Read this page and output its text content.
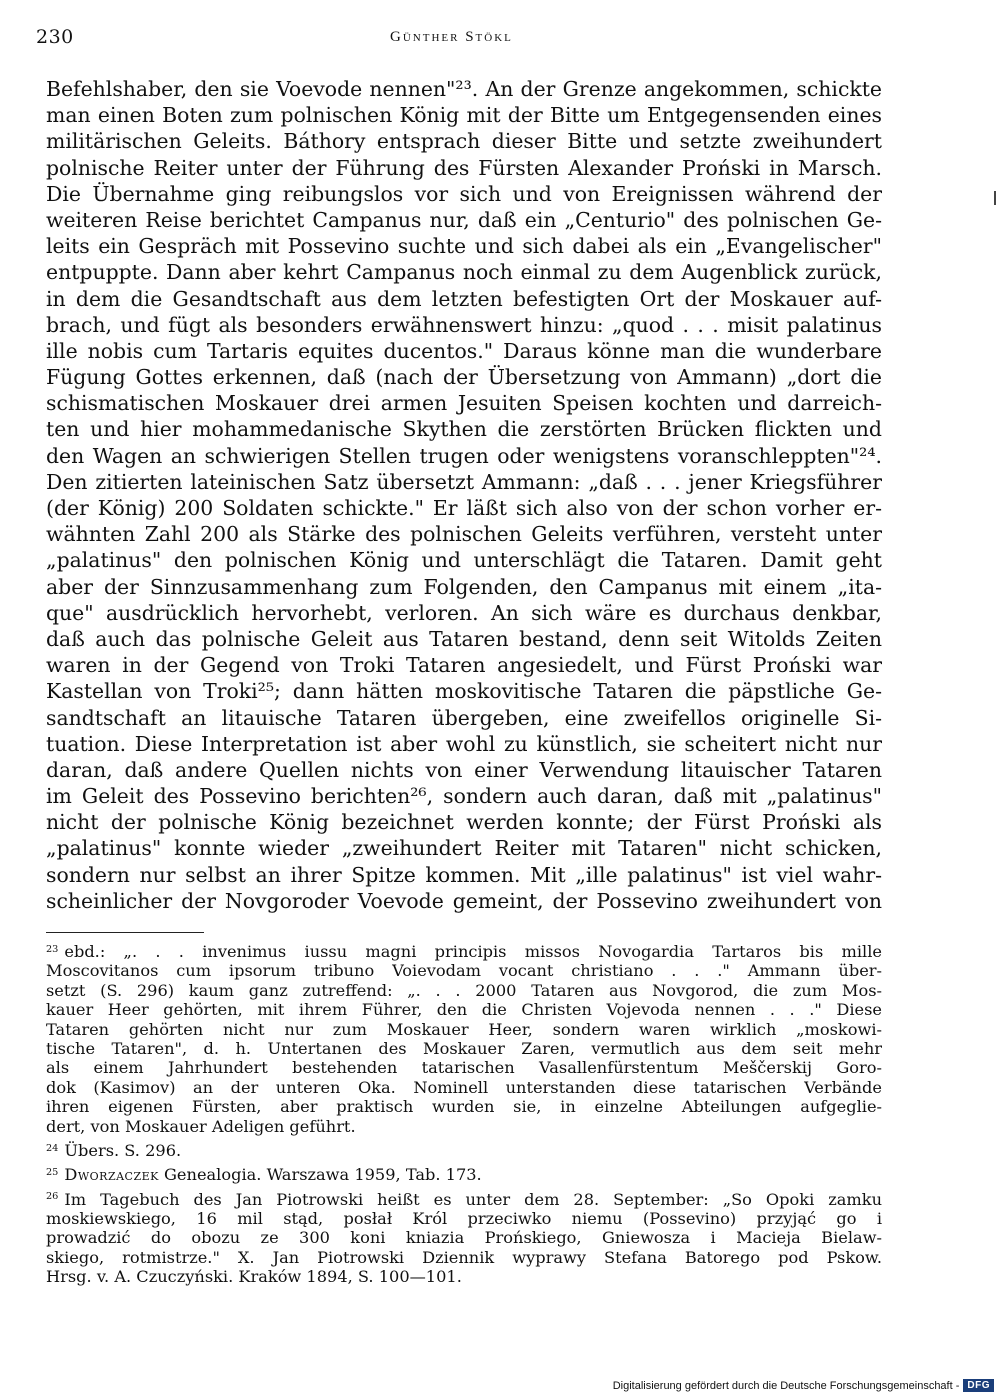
230	Günther Stökl
Befehlshaber, den sie Voevode nennen"²³. An der Grenze angekommen, schickte
man einen Boten zum polnischen König mit der Bitte um Entgegensenden eines
militärischen Geleits. Báthory entsprach dieser Bitte und setzte zweihundert
polnische Reiter unter der Führung des Fürsten Alexander Prońskі in Marsch.
Die Übernahme ging reibungslos vor sich und von Ereignissen während der
weiteren Reise berichtet Campanus nur, daß ein „Centurio" des polnischen Ge-
leits ein Gespräch mit Possevino suchte und sich dabei als ein „Evangelischer"
entpuppte. Dann aber kehrt Campanus noch einmal zu dem Augenblick zurück,
in dem die Gesandtschaft aus dem letzten befestigten Ort der Moskauer auf-
brach, und fügt als besonders erwähnenswert hinzu: „quod . . . misit palatinus
ille nobis cum Tartaris equites ducentos." Daraus könne man die wunderbare
Fügung Gottes erkennen, daß (nach der Übersetzung von Ammann) „dort die
schismatischen Moskauer drei armen Jesuiten Speisen kochten und darreich-
ten und hier mohammedanische Skythen die zerstörten Brücken flickten und
den Wagen an schwierigen Stellen trugen oder wenigstens voranschleppten"²⁴.
Den zitierten lateinischen Satz übersetzt Ammann: „daß . . . jener Kriegsführer
(der König) 200 Soldaten schickte." Er läßt sich also von der schon vorher er-
wähnten Zahl 200 als Stärke des polnischen Geleits verführen, versteht unter
„palatinus" den polnischen König und unterschlägt die Tataren. Damit geht
aber der Sinnzusammenhang zum Folgenden, den Campanus mit einem „ita-
que" ausdrücklich hervorhebt, verloren. An sich wäre es durchaus denkbar,
daß auch das polnische Geleit aus Tataren bestand, denn seit Witolds Zeiten
waren in der Gegend von Troki Tataren angesiedelt, und Fürst Prońskі war
Kastellan von Troki²⁵; dann hätten moskovitische Tataren die päpstliche Ge-
sandtschaft an litauische Tataren übergeben, eine zweifellos originelle Si-
tuation. Diese Interpretation ist aber wohl zu künstlich, sie scheitert nicht nur
daran, daß andere Quellen nichts von einer Verwendung litauischer Tataren
im Geleit des Possevino berichten²⁶, sondern auch daran, daß mit „palatinus"
nicht der polnische König bezeichnet werden konnte; der Fürst Prońskі als
„palatinus" konnte wieder „zweihundert Reiter mit Tataren" nicht schicken,
sondern nur selbst an ihrer Spitze kommen. Mit „ille palatinus" ist viel wahr-
scheinlicher der Novgoroder Voevode gemeint, der Possevino zweihundert von
$^{23}$ ebd.: „. . . invenimus iussu magni principis missos Novogardia Tartaros bis mille
Moscovitanos cum ipsorum tribuno Voievodam vocant christiano . . ." Ammann über-
setzt (S. 296) kaum ganz zutreffend: „. . . 2000 Tataren aus Novgorod, die zum Mos-
kauer Heer gehörten, mit ihrem Führer, den die Christen Vojevoda nennen . . ." Diese
Tataren gehörten nicht nur zum Moskauer Heer, sondern waren wirklich „moskowi-
tische Tataren", d. h. Untertanen des Moskauer Zaren, vermutlich aus dem seit mehr
als einem Jahrhundert bestehenden tatarischen Vasallenfürstentum Meščerskij Goro-
dok (Kasimov) an der unteren Oka. Nominell unterstanden diese tatarischen Verbände
ihren eigenen Fürsten, aber praktisch wurden sie, in einzelne Abteilungen aufgeglie-
dert, von Moskauer Adeligen geführt.
$^{24}$ Übers. S. 296.
$^{25}$ Dworzaczek Genealogia. Warszawa 1959, Tab. 173.
$^{26}$ Im Tagebuch des Jan Piotrowski heißt es unter dem 28. September: „So Opoki zamku
moskiewskiego, 16 mil stąd, posłał Król przeciwko niemu (Possevino) przyjąć go i
prowadzić do obozu ze 300 koni kniazia Prońskiego, Gniewosza i Macieja Bielaw-
skiego, rotmistrze." X. Jan Piotrowski Dziennik wyprawy Stefana Batorego pod Pskow.
Hrsg. v. A. Czuczyński. Kraków 1894, S. 100—101.
Digitalisierung gefördert durch die Deutsche Forschungsgemeinschaft - DFG
